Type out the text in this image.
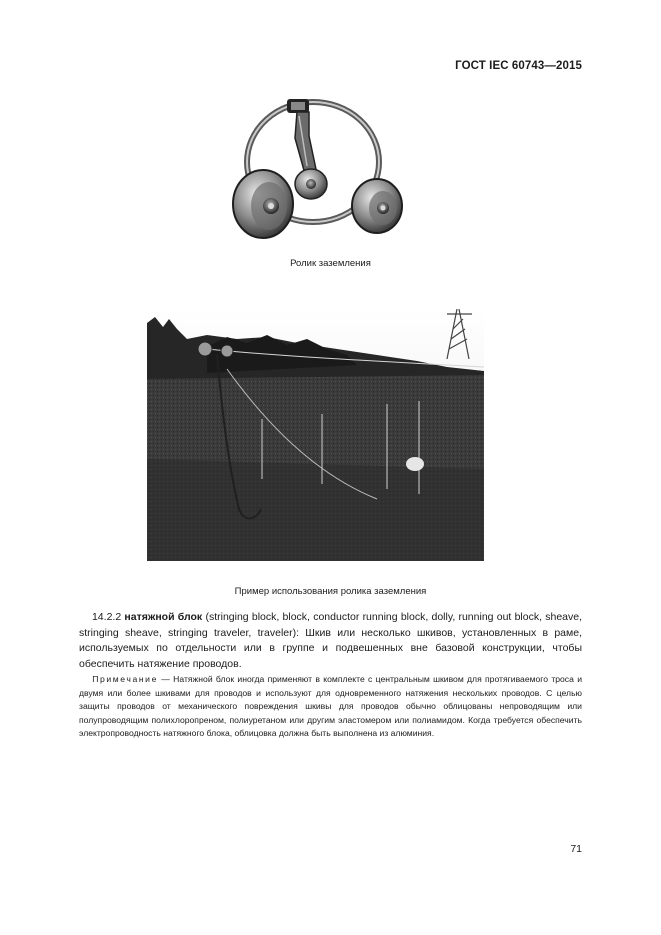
ГОСТ IEC 60743—2015
Ролик заземления
Пример использования ролика заземления
14.2.2 натяжной блок (stringing block, block, conductor running block, dolly, running out block, sheave, stringing sheave, stringing traveler, traveler): Шкив или несколько шкивов, установленных в раме, используемых по отдельности или в группе и подвешенных вне базовой конструкции, чтобы обеспечить натяжение проводов.
Примечание — Натяжной блок иногда применяют в комплекте с центральным шкивом для протягиваемого троса и двумя или более шкивами для проводов и используют для одновременного натяжения нескольких проводов. С целью защиты проводов от механического повреждения шкивы для проводов обычно облицованы непроводящим или полупроводящим полихлоропреном, полиуретаном или другим эластомером или полиамидом. Когда требуется обеспечить электропроводность натяжного блока, облицовка должна быть выполнена из алюминия.
71
